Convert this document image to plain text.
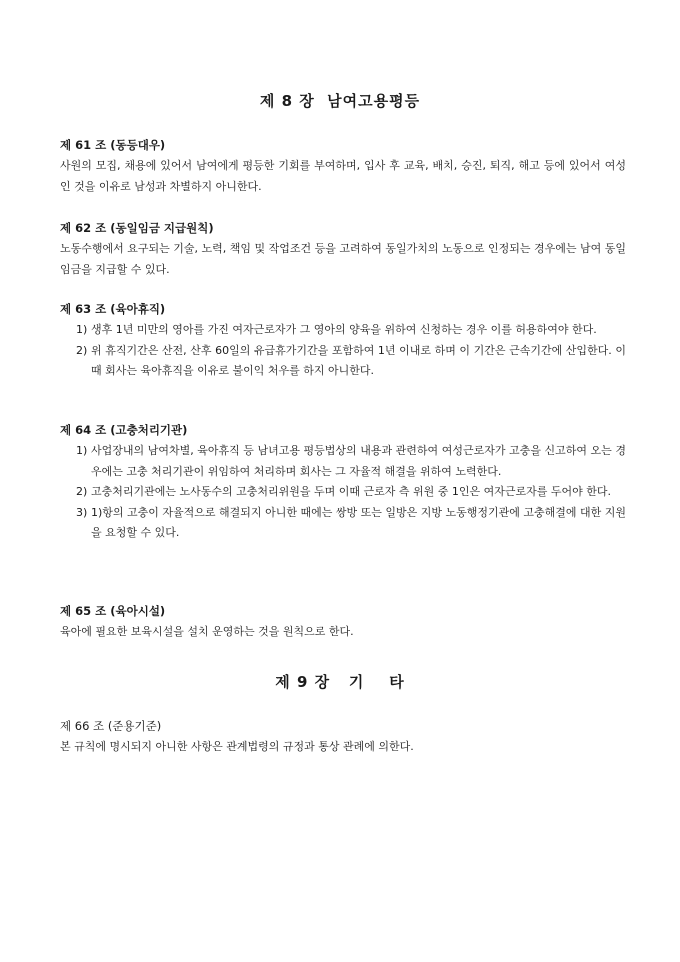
제 8 장  남여고용평등

제 61 조 (동등대우)

사원의 모집, 채용에 있어서 남여에게 평등한 기회를 부여하며, 입사 후 교육, 배치, 승진, 퇴직, 해고 등에 있어서 여성인 것을 이유로 남성과 차별하지 아니한다.

제 62 조 (동일임금 지급원칙)

노동수행에서 요구되는 기술, 노력, 책임 및 작업조건 등을 고려하여 동일가치의 노동으로 인정되는 경우에는 남여 동일임금을 지급할 수 있다.

제 63 조 (육아휴직)

1) 생후 1년 미만의 영아를 가진 여자근로자가 그 영아의 양육을 위하여 신청하는 경우 이를 허용하여야 한다.
2) 위 휴직기간은 산전, 산후 60일의 유급휴가기간을 포함하여 1년 이내로 하며 이 기간은 근속기간에 산입한다. 이때 회사는 육아휴직을 이유로 불이익 처우를 하지 아니한다.

제 64 조 (고충처리기관)

1) 사업장내의 남여차별, 육아휴직 등 남녀고용 평등법상의 내용과 관련하여 여성근로자가 고충을 신고하여 오는 경우에는 고충 처리기관이 위임하여 처리하며 회사는 그 자율적 해결을 위하여 노력한다.
2) 고충처리기관에는 노사동수의 고충처리위원을 두며 이때 근로자 측 위원 중 1인은 여자근로자를 두어야 한다.
3) 1)항의 고충이 자율적으로 해결되지 아니한 때에는 쌍방 또는 일방은 지방 노동행정기관에 고충해결에 대한 지원을 요청할 수 있다.

제 65 조 (육아시설)

육아에 필요한 보육시설을 설치 운영하는 것을 원칙으로 한다.

제 9 장   기    타

제 66 조 (준용기준)

본 규칙에 명시되지 아니한 사항은 관계법령의 규정과 통상 관례에 의한다.
